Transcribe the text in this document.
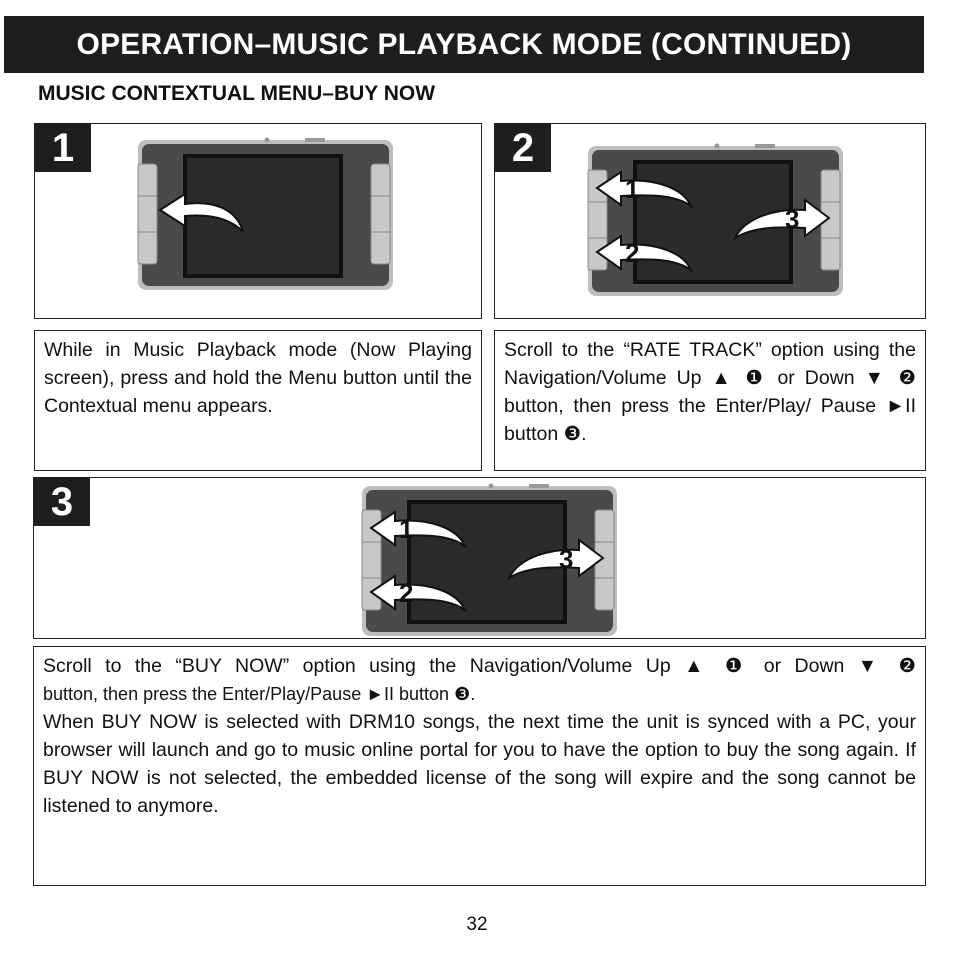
OPERATION–MUSIC PLAYBACK MODE (CONTINUED)
MUSIC CONTEXTUAL MENU–BUY NOW
1	2
1
2
3
While in Music Playback mode (Now Playing screen), press and hold the Menu button until the Contextual menu appears.
Scroll to the “RATE TRACK” option using the Navigation/Volume Up ▲ ❶ or Down ▼ ❷ button, then press the Enter/Play/ Pause ►II button ❸.
3
1
2
3
Scroll to the “BUY NOW” option using the Navigation/Volume Up ▲ ❶ or Down ▼ ❷
button, then press the Enter/Play/Pause ►II button ❸.
When BUY NOW is selected with DRM10 songs, the next time the unit is synced with a PC, your browser will launch and go to music online portal for you to have the option to buy the song again. If BUY NOW is not selected, the embedded license of the song will expire and the song cannot be listened to anymore.
32
